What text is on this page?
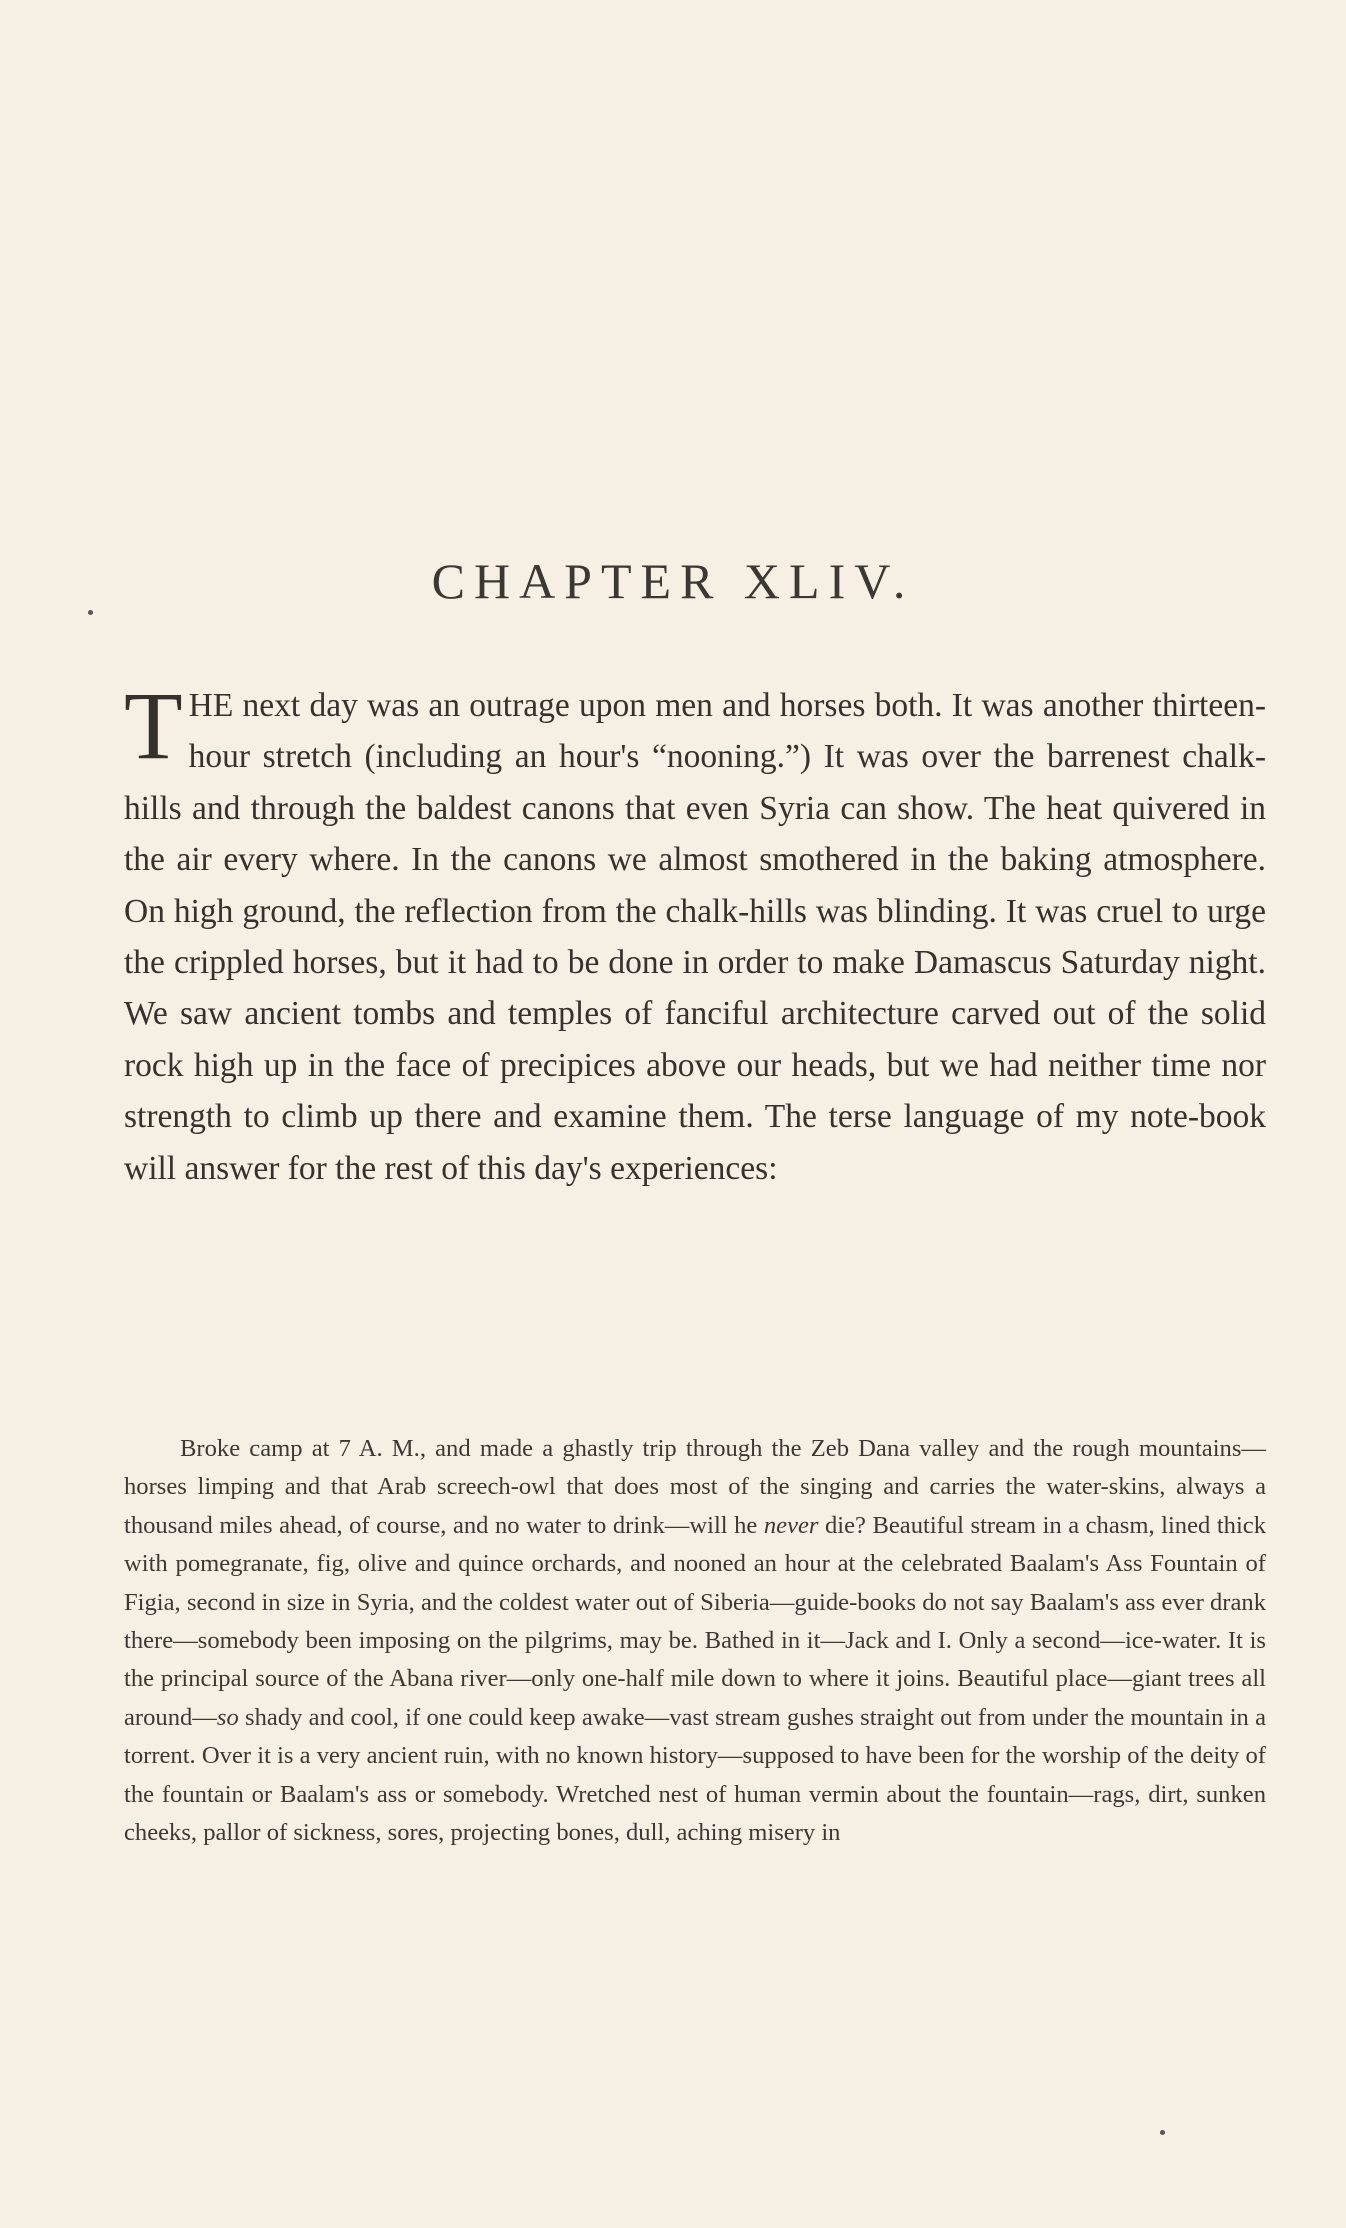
CHAPTER XLIV.

THE next day was an outrage upon men and horses both. It was another thirteen-hour stretch (including an hour's “nooning.”) It was over the barrenest chalk-hills and through the baldest canons that even Syria can show. The heat quivered in the air every where. In the canons we almost smothered in the baking atmosphere. On high ground, the reflection from the chalk-hills was blinding. It was cruel to urge the crippled horses, but it had to be done in order to make Damascus Saturday night. We saw ancient tombs and temples of fanciful architecture carved out of the solid rock high up in the face of precipices above our heads, but we had neither time nor strength to climb up there and examine them. The terse language of my note-book will answer for the rest of this day's experiences:

Broke camp at 7 A. M., and made a ghastly trip through the Zeb Dana valley and the rough mountains—horses limping and that Arab screech-owl that does most of the singing and carries the water-skins, always a thousand miles ahead, of course, and no water to drink—will he never die? Beautiful stream in a chasm, lined thick with pomegranate, fig, olive and quince orchards, and nooned an hour at the celebrated Baalam's Ass Fountain of Figia, second in size in Syria, and the coldest water out of Siberia—guide-books do not say Baalam's ass ever drank there—somebody been imposing on the pilgrims, may be. Bathed in it—Jack and I. Only a second—ice-water. It is the principal source of the Abana river—only one-half mile down to where it joins. Beautiful place—giant trees all around—so shady and cool, if one could keep awake—vast stream gushes straight out from under the mountain in a torrent. Over it is a very ancient ruin, with no known history—supposed to have been for the worship of the deity of the fountain or Baalam's ass or somebody. Wretched nest of human vermin about the fountain—rags, dirt, sunken cheeks, pallor of sickness, sores, projecting bones, dull, aching misery in
